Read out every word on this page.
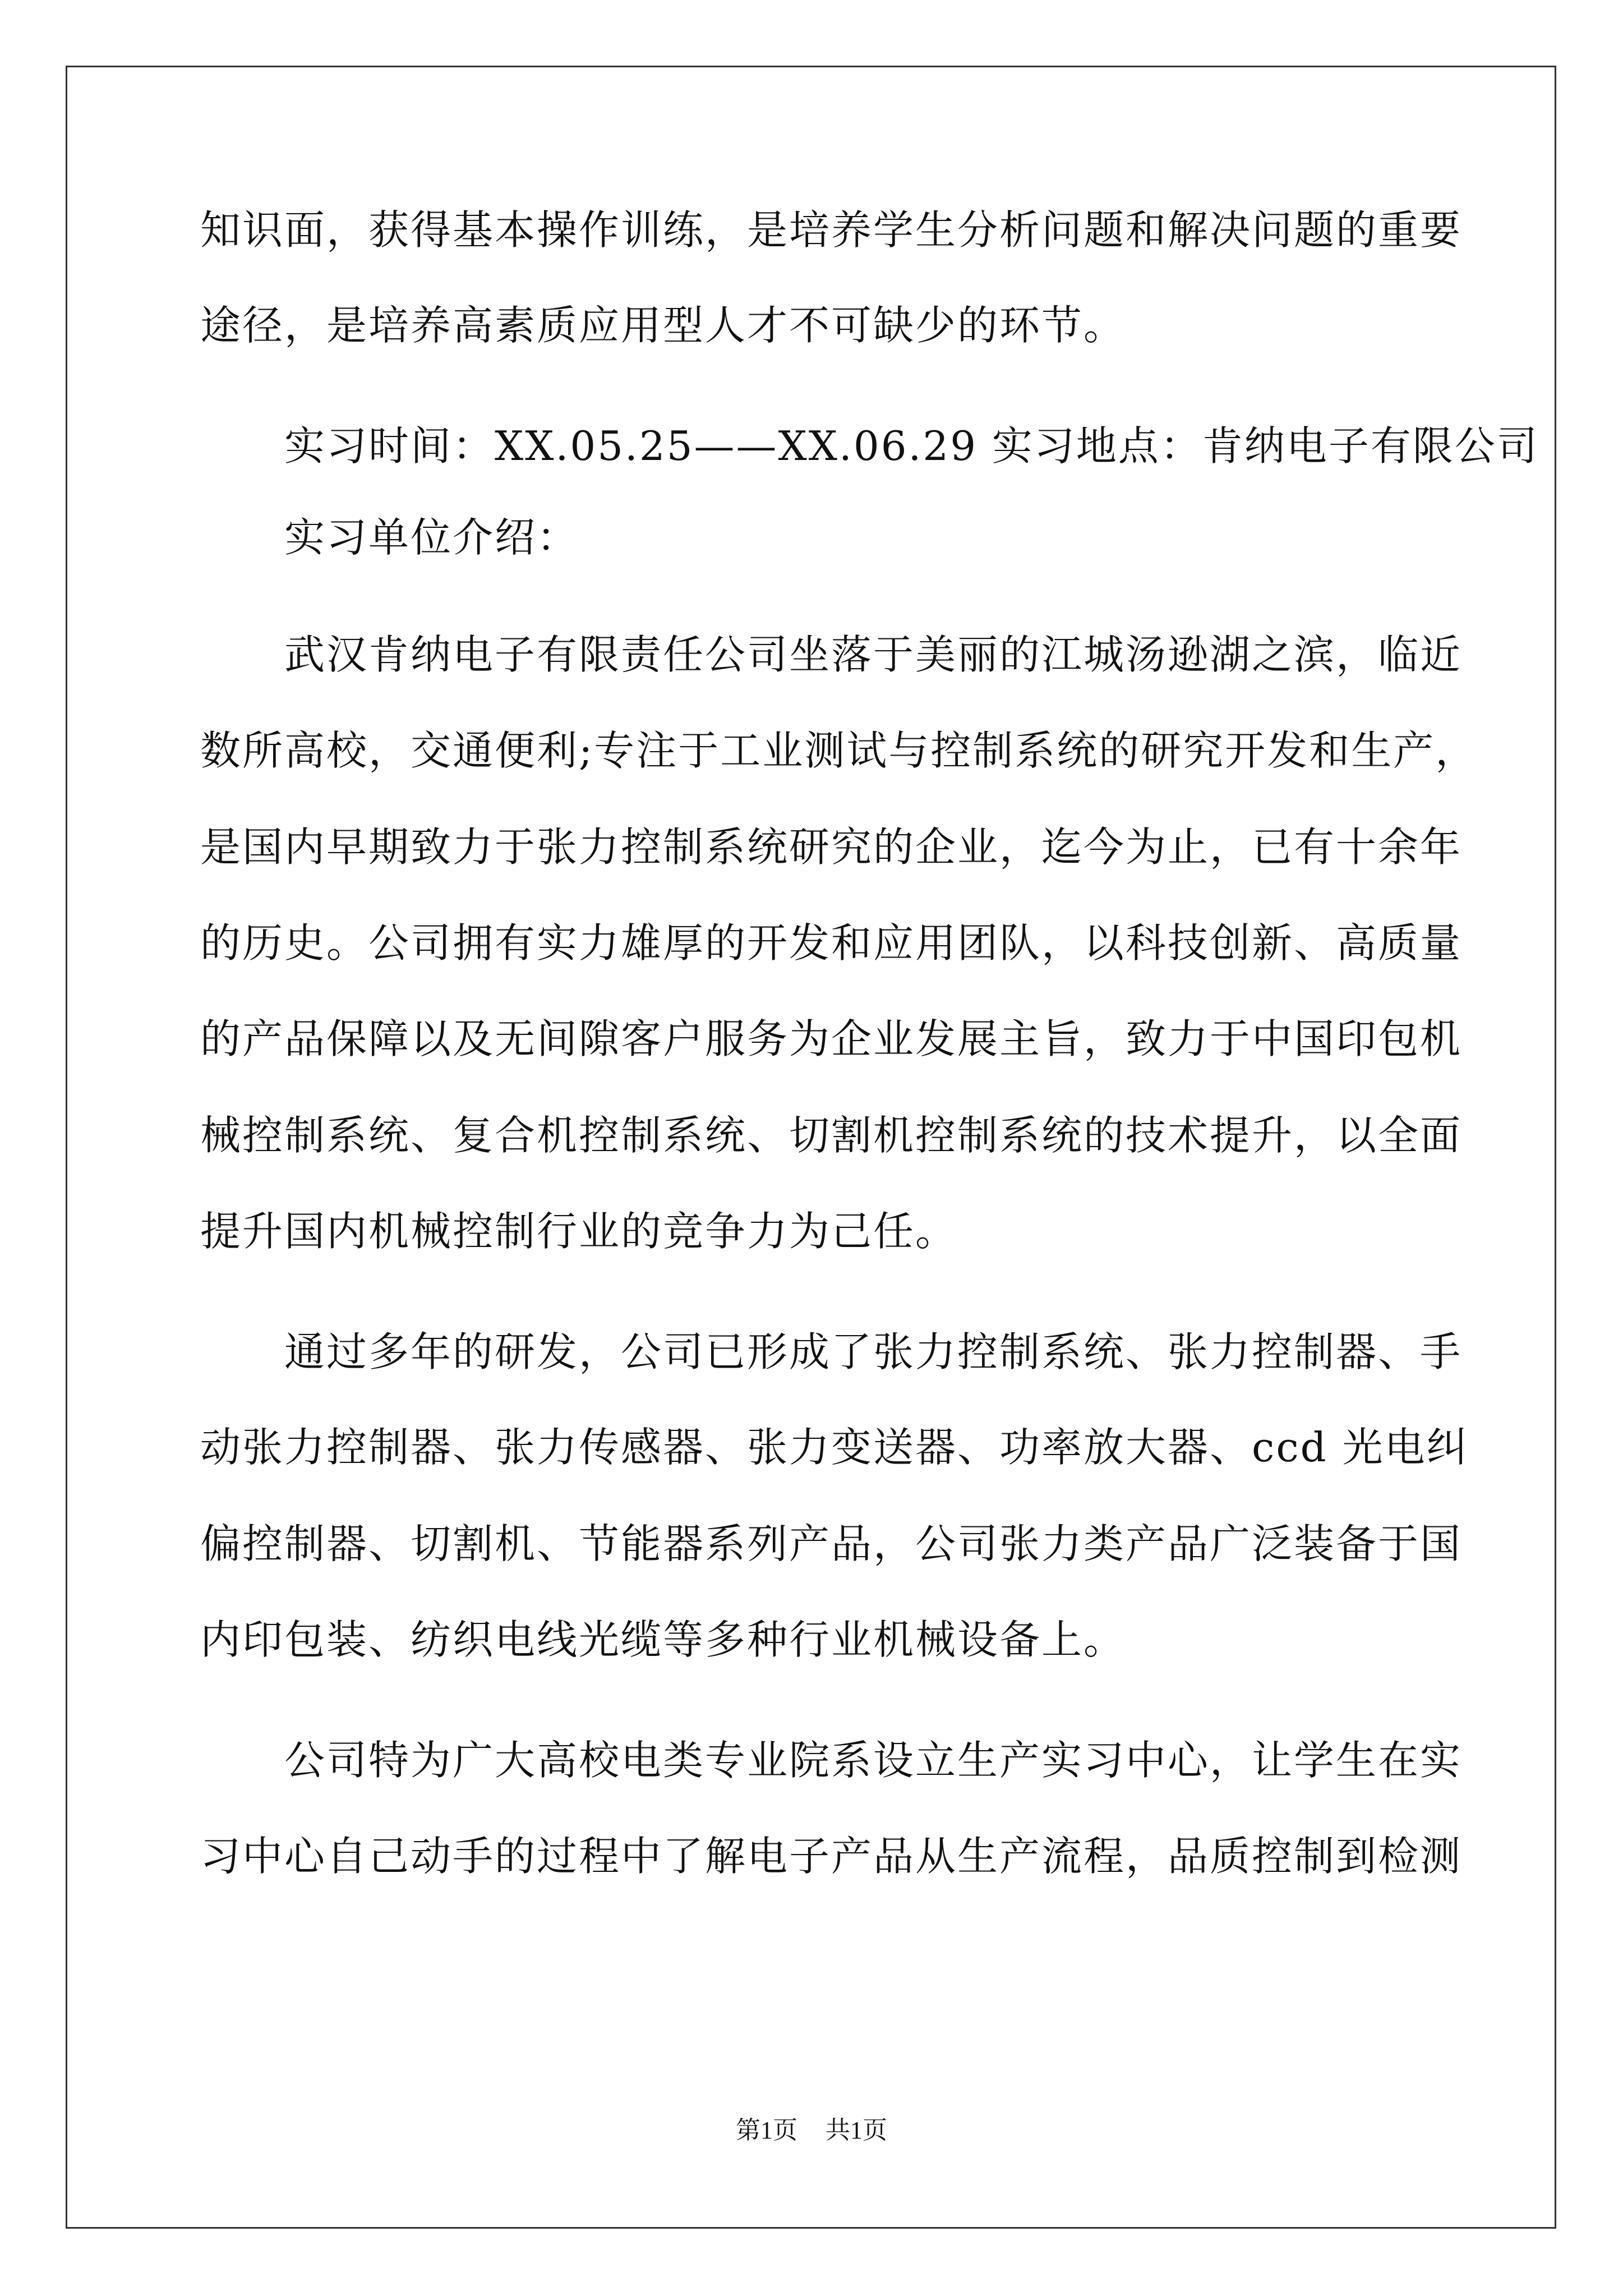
知识面，获得基本操作训练，是培养学生分析问题和解决问题的重要
途径，是培养高素质应用型人才不可缺少的环节。
　　实习时间：XX.05.25——XX.06.29 实习地点：肯纳电子有限公司
　　实习单位介绍：
　　武汉肯纳电子有限责任公司坐落于美丽的江城汤逊湖之滨，临近
数所高校，交通便利;专注于工业测试与控制系统的研究开发和生产，
是国内早期致力于张力控制系统研究的企业，迄今为止，已有十余年
的历史。公司拥有实力雄厚的开发和应用团队，以科技创新、高质量
的产品保障以及无间隙客户服务为企业发展主旨，致力于中国印包机
械控制系统、复合机控制系统、切割机控制系统的技术提升，以全面
提升国内机械控制行业的竞争力为己任。
　　通过多年的研发，公司已形成了张力控制系统、张力控制器、手
动张力控制器、张力传感器、张力变送器、功率放大器、ccd 光电纠
偏控制器、切割机、节能器系列产品，公司张力类产品广泛装备于国
内印包装、纺织电线光缆等多种行业机械设备上。
　　公司特为广大高校电类专业院系设立生产实习中心，让学生在实
习中心自己动手的过程中了解电子产品从生产流程，品质控制到检测
第1页 共1页
